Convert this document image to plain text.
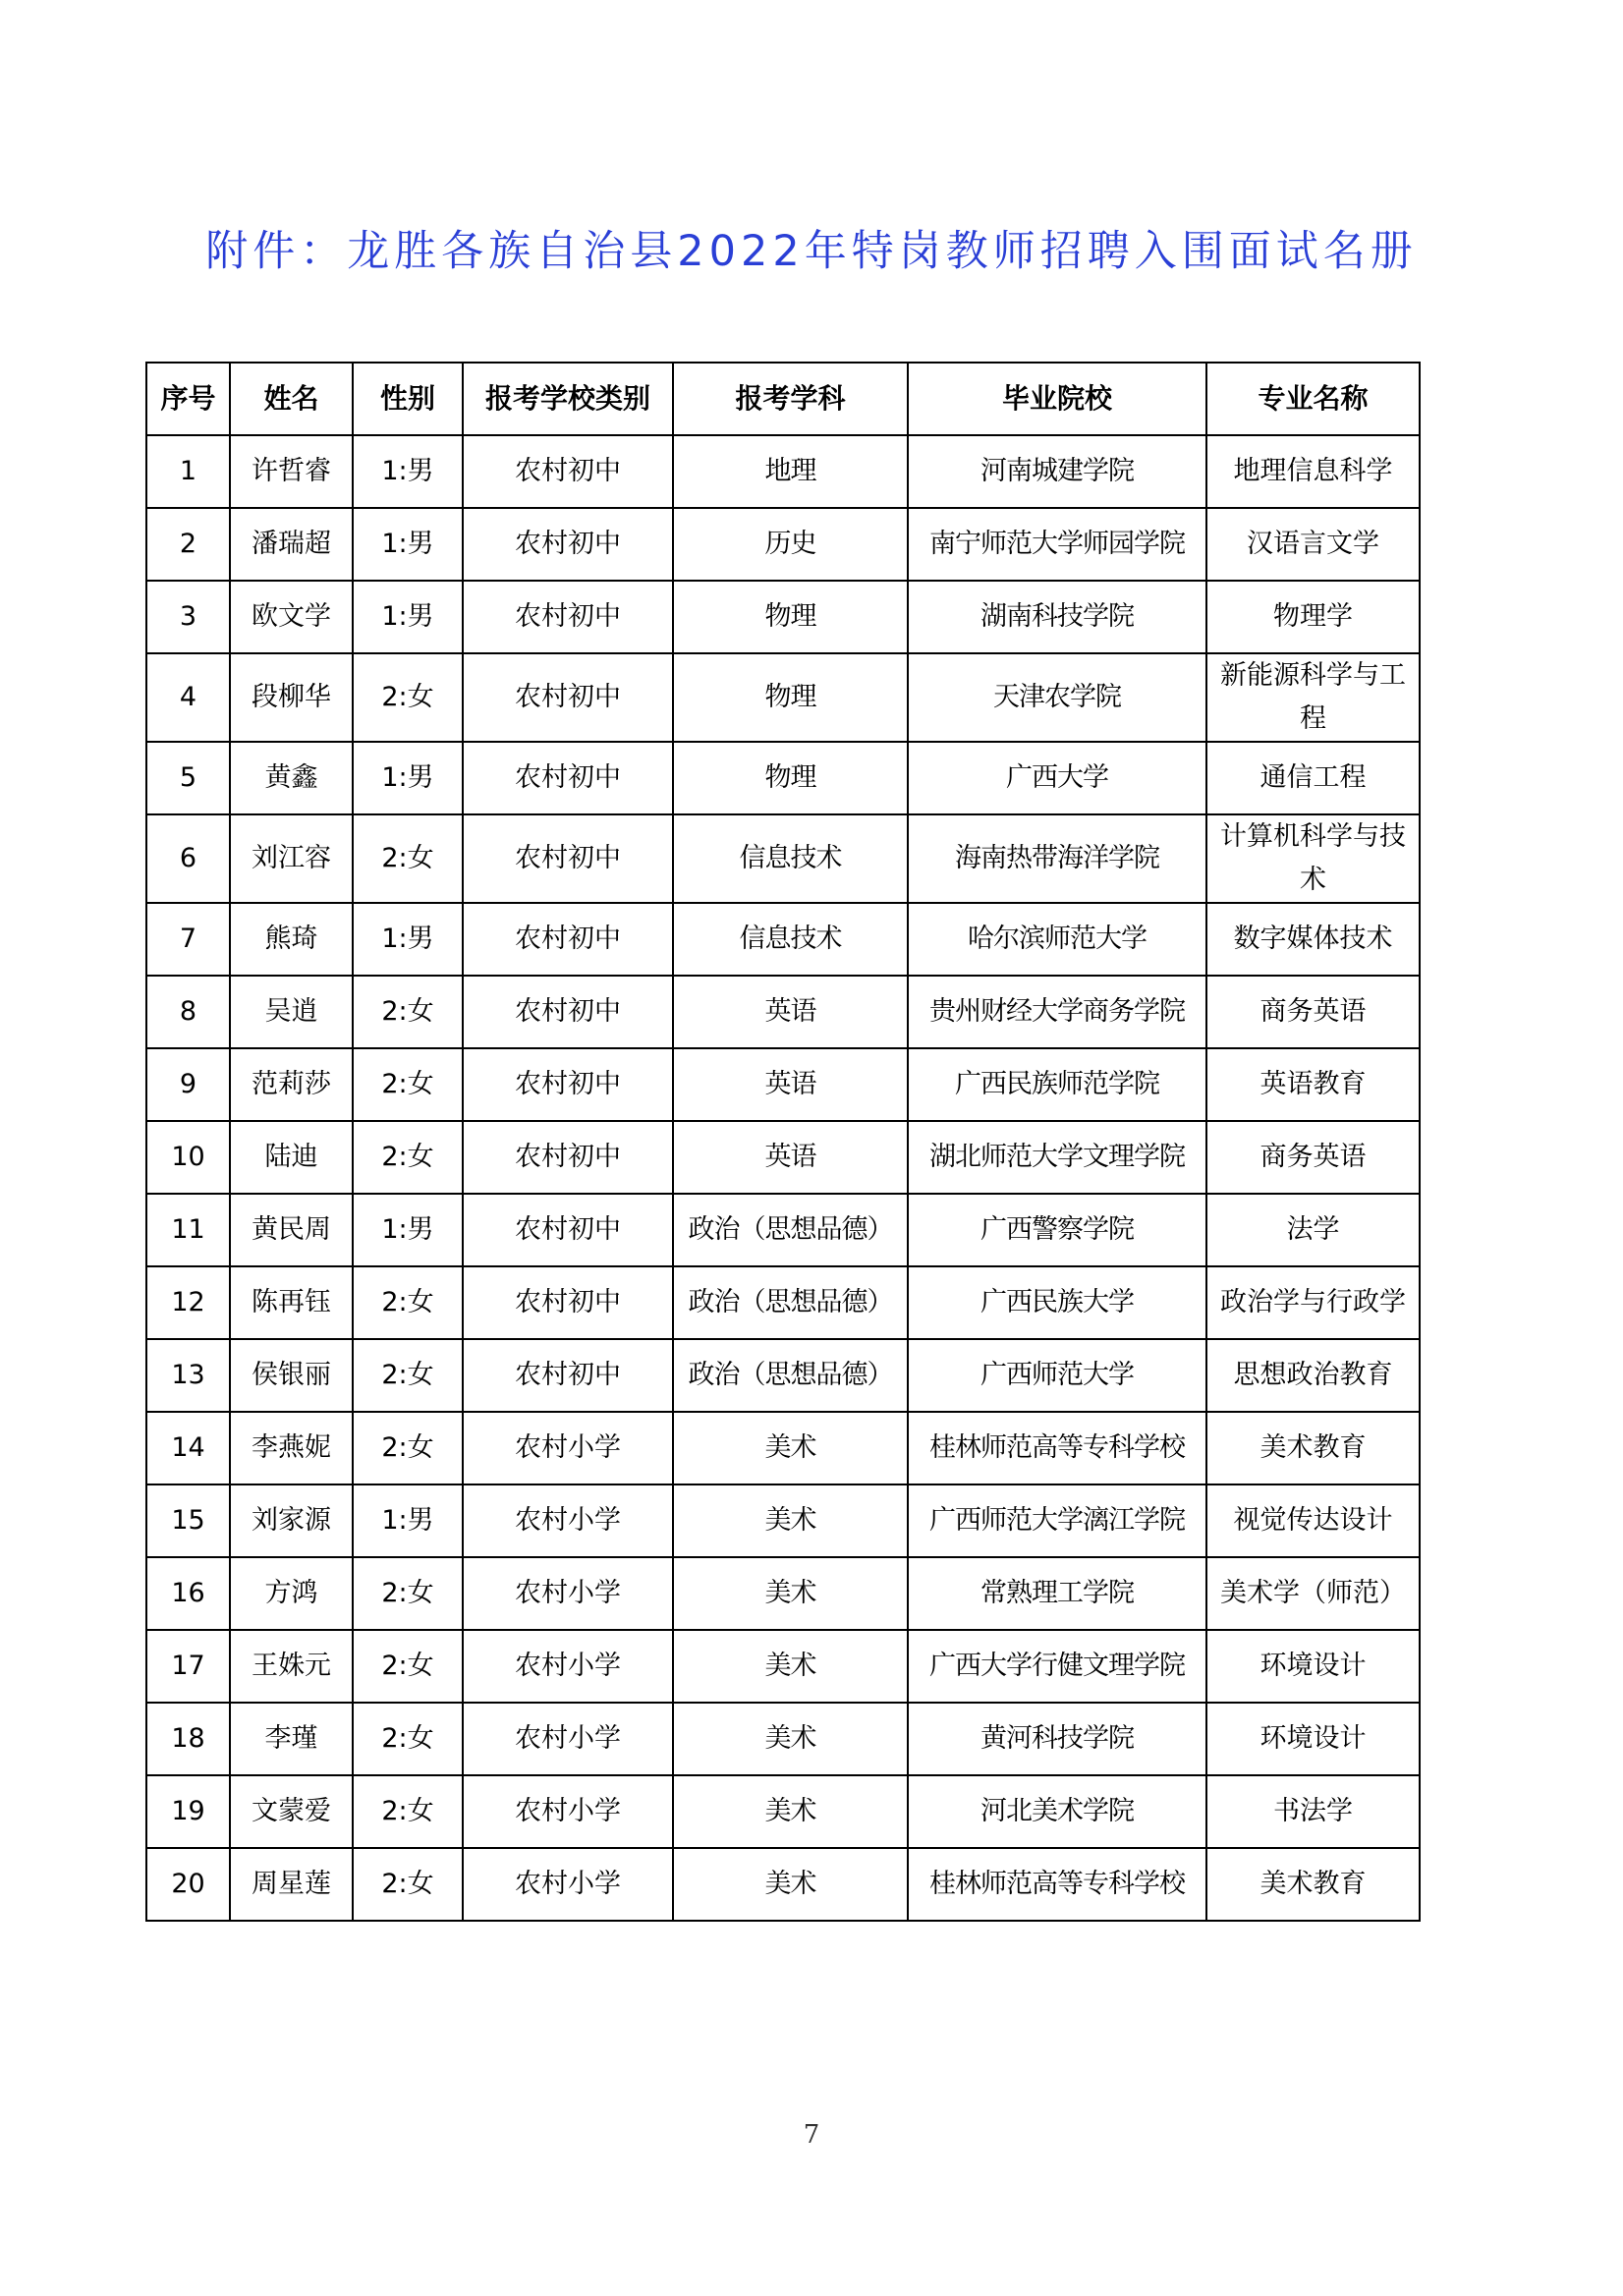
附件：龙胜各族自治县2022年特岗教师招聘入围面试名册
序号	姓名	性别	报考学校类别	报考学科	毕业院校	专业名称
1	许哲睿	1:男	农村初中	地理	河南城建学院	地理信息科学
2	潘瑞超	1:男	农村初中	历史	南宁师范大学师园学院	汉语言文学
3	欧文学	1:男	农村初中	物理	湖南科技学院	物理学
4	段柳华	2:女	农村初中	物理	天津农学院	新能源科学与工程
5	黄鑫	1:男	农村初中	物理	广西大学	通信工程
6	刘江容	2:女	农村初中	信息技术	海南热带海洋学院	计算机科学与技术
7	熊琦	1:男	农村初中	信息技术	哈尔滨师范大学	数字媒体技术
8	吴逍	2:女	农村初中	英语	贵州财经大学商务学院	商务英语
9	范莉莎	2:女	农村初中	英语	广西民族师范学院	英语教育
10	陆迪	2:女	农村初中	英语	湖北师范大学文理学院	商务英语
11	黄民周	1:男	农村初中	政治（思想品德）	广西警察学院	法学
12	陈再钰	2:女	农村初中	政治（思想品德）	广西民族大学	政治学与行政学
13	侯银丽	2:女	农村初中	政治（思想品德）	广西师范大学	思想政治教育
14	李燕妮	2:女	农村小学	美术	桂林师范高等专科学校	美术教育
15	刘家源	1:男	农村小学	美术	广西师范大学漓江学院	视觉传达设计
16	方鸿	2:女	农村小学	美术	常熟理工学院	美术学（师范）
17	王姝元	2:女	农村小学	美术	广西大学行健文理学院	环境设计
18	李瑾	2:女	农村小学	美术	黄河科技学院	环境设计
19	文蒙爱	2:女	农村小学	美术	河北美术学院	书法学
20	周星莲	2:女	农村小学	美术	桂林师范高等专科学校	美术教育
7
